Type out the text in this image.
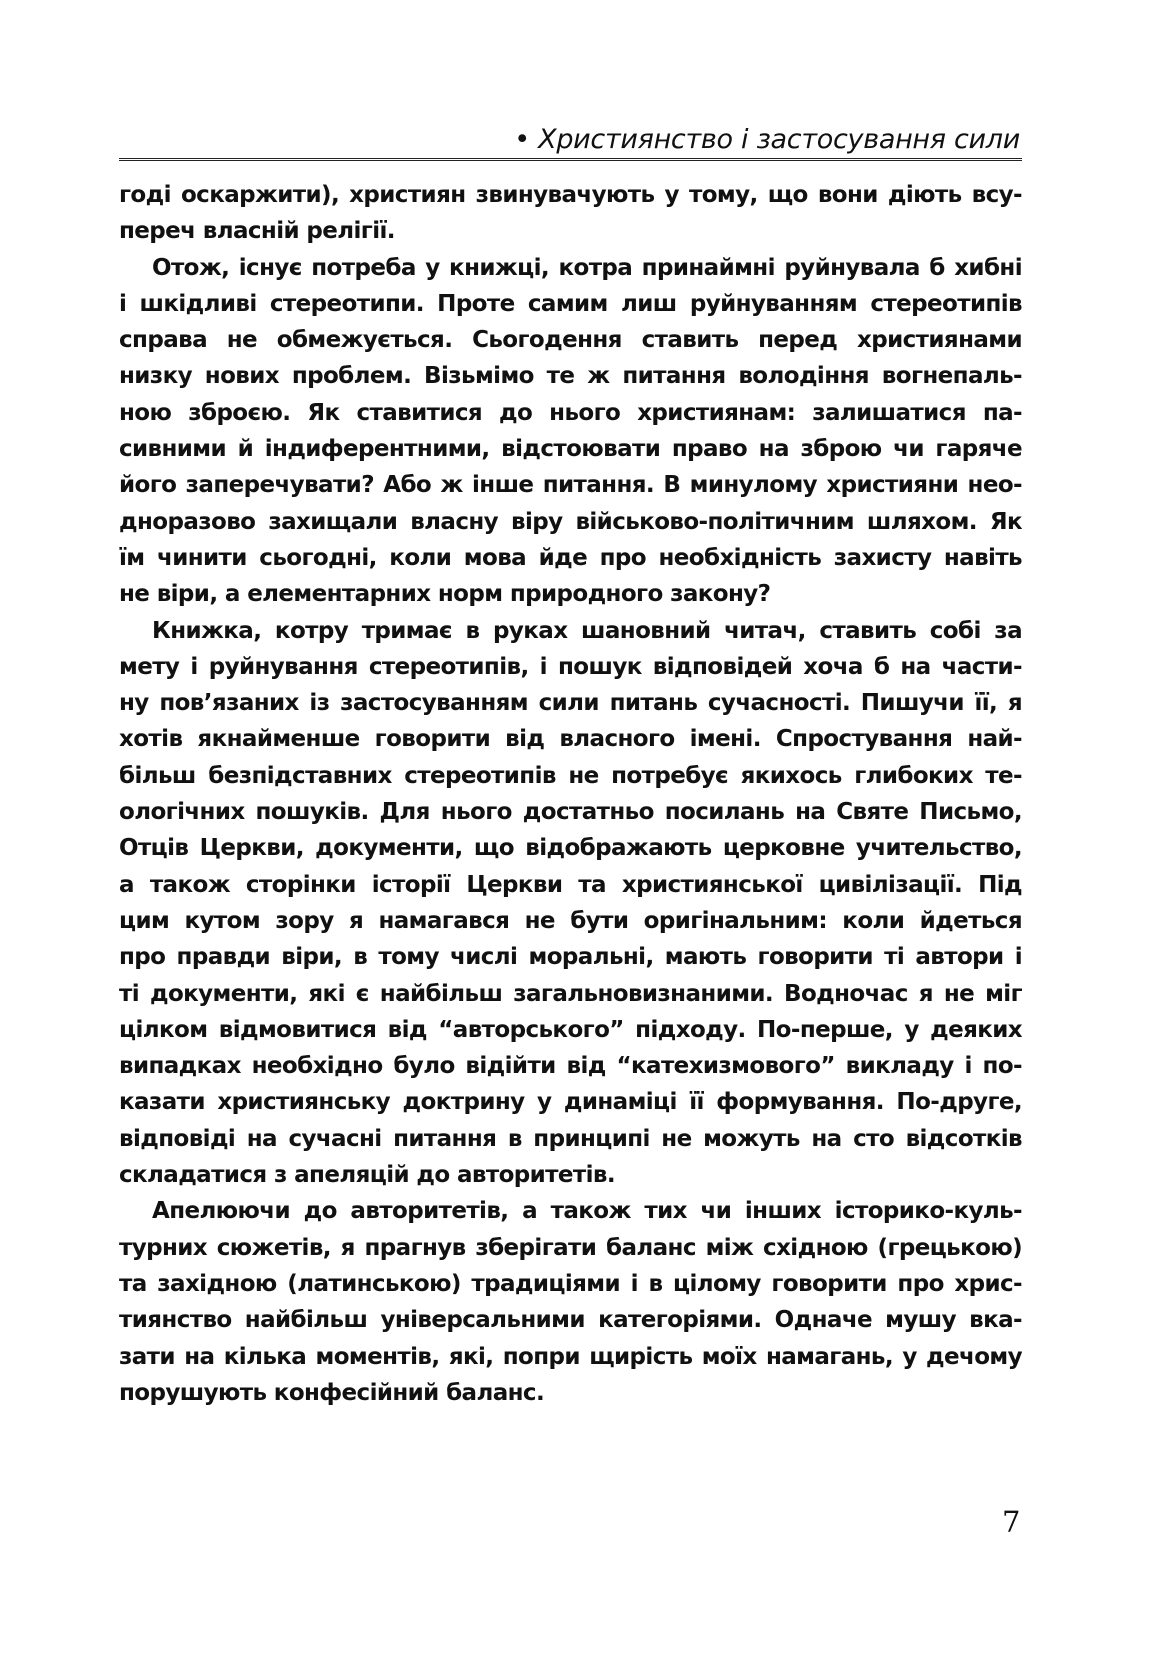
• Християнство і застосування сили
годі оскаржити), християн звинувачують у тому, що вони діють всу-
переч власній релігії.
Отож, існує потреба у книжці, котра принаймні руйнувала б хибні
і шкідливі стереотипи. Проте самим лиш руйнуванням стереотипів
справа не обмежується. Сьогодення ставить перед християнами
низку нових проблем. Візьмімо те ж питання володіння вогнепаль-
ною зброєю. Як ставитися до нього християнам: залишатися па-
сивними й індиферентними, відстоювати право на зброю чи гаряче
його заперечувати? Або ж інше питання. В минулому християни нео-
дноразово захищали власну віру військово-політичним шляхом. Як
їм чинити сьогодні, коли мова йде про необхідність захисту навіть
не віри, а елементарних норм природного закону?
Книжка, котру тримає в руках шановний читач, ставить собі за
мету і руйнування стереотипів, і пошук відповідей хоча б на части-
ну пов’язаних із застосуванням сили питань сучасності. Пишучи її, я
хотів якнайменше говорити від власного імені. Спростування най-
більш безпідставних стереотипів не потребує якихось глибоких те-
ологічних пошуків. Для нього достатньо посилань на Святе Письмо,
Отців Церкви, документи, що відображають церковне учительство,
а також сторінки історії Церкви та християнської цивілізації. Під
цим кутом зору я намагався не бути оригінальним: коли йдеться
про правди віри, в тому числі моральні, мають говорити ті автори і
ті документи, які є найбільш загальновизнаними. Водночас я не міг
цілком відмовитися від “авторського” підходу. По-перше, у деяких
випадках необхідно було відійти від “катехизмового” викладу і по-
казати християнську доктрину у динаміці її формування. По-друге,
відповіді на сучасні питання в принципі не можуть на сто відсотків
складатися з апеляцій до авторитетів.
Апелюючи до авторитетів, а також тих чи інших історико-куль-
турних сюжетів, я прагнув зберігати баланс між східною (грецькою)
та західною (латинською) традиціями і в цілому говорити про хрис-
тиянство найбільш універсальними категоріями. Одначе мушу вка-
зати на кілька моментів, які, попри щирість моїх намагань, у дечому
порушують конфесійний баланс.
7
